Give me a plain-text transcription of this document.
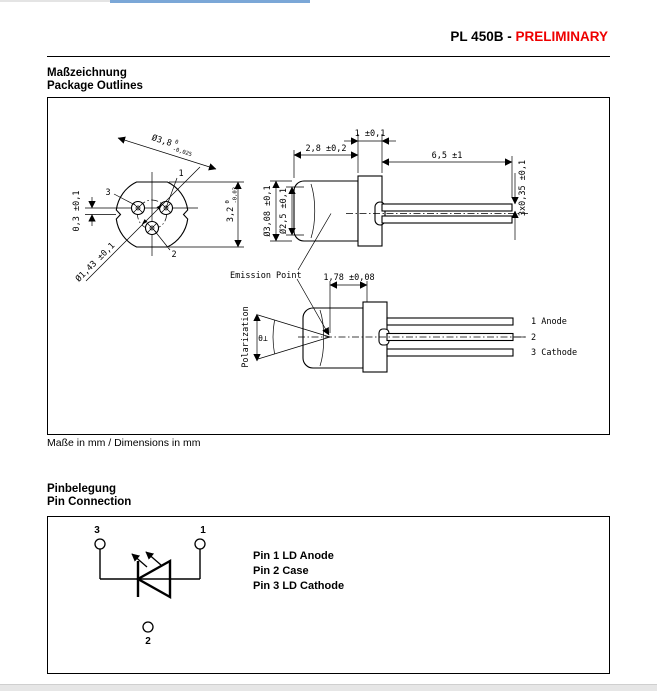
PL 450B - PRELIMINARY
Maßzeichnung
Package Outlines
3
1
2
Ø3,8 0
-0,025
Ø1,43 ±0,1
0,3 ±0,1	3,2
0 -0,03
2,8 ±0,2
1 ±0,1
6,5 ±1
3x0,35 ±0,1
Ø3,08 ±0,1 Ø2,5 ±0,1
1 Anode
2
3 Cathode
1,78 ±0,08
Emission Point
Polarization θ⊥
Maße in mm / Dimensions in mm
Pinbelegung
Pin Connection
3	1
2
Pin 1 LD Anode
Pin 2 Case
Pin 3 LD Cathode
